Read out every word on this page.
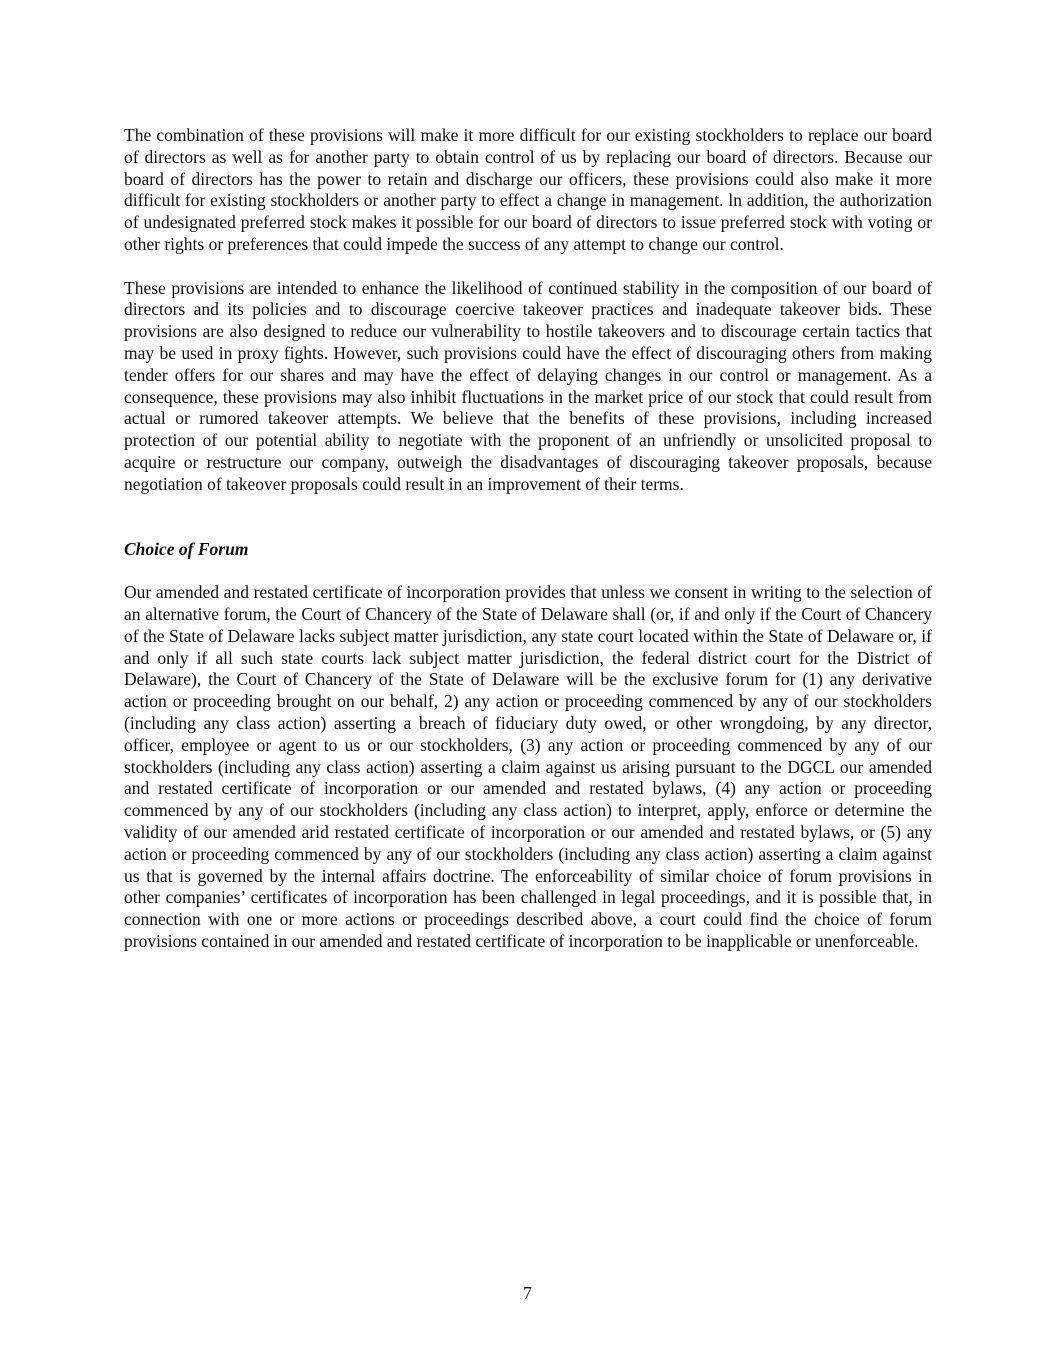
The combination of these provisions will make it more difficult for our existing stockholders to replace our board of directors as well as for another party to obtain control of us by replacing our board of directors. Because our board of directors has the power to retain and discharge our officers, these provisions could also make it more difficult for existing stockholders or another party to effect a change in management. ln addition, the authorization of undesignated preferred stock makes it possible for our board of directors to issue preferred stock with voting or other rights or preferences that could impede the success of any attempt to change our control.

These provisions are intended to enhance the likelihood of continued stability in the composition of our board of directors and its policies and to discourage coercive takeover practices and inadequate takeover bids. These provisions are also designed to reduce our vulnerability to hostile takeovers and to discourage certain tactics that may be used in proxy fights. However, such provisions could have the effect of discouraging others from making tender offers for our shares and may have the effect of delaying changes in our control or management. As a consequence, these provisions may also inhibit fluctuations in the market price of our stock that could result from actual or rumored takeover attempts. We believe that the benefits of these provisions, including increased protection of our potential ability to negotiate with the proponent of an unfriendly or unsolicited proposal to acquire or restructure our company, outweigh the disadvantages of discouraging takeover proposals, because negotiation of takeover proposals could result in an improvement of their terms.

Choice of Forum

Our amended and restated certificate of incorporation provides that unless we consent in writing to the selection of an alternative forum, the Court of Chancery of the State of Delaware shall (or, if and only if the Court of Chancery of the State of Delaware lacks subject matter jurisdiction, any state court located within the State of Delaware or, if and only if all such state courts lack subject matter jurisdiction, the federal district court for the District of Delaware), the Court of Chancery of the State of Delaware will be the exclusive forum for (1) any derivative action or proceeding brought on our behalf, 2) any action or proceeding commenced by any of our stockholders (including any class action) asserting a breach of fiduciary duty owed, or other wrongdoing, by any director, officer, employee or agent to us or our stockholders, (3) any action or proceeding commenced by any of our stockholders (including any class action) asserting a claim against us arising pursuant to the DGCL our amended and restated certificate of incorporation or our amended and restated bylaws, (4) any action or proceeding commenced by any of our stockholders (including any class action) to interpret, apply, enforce or determine the validity of our amended arid restated certificate of incorporation or our amended and restated bylaws, or (5) any action or proceeding commenced by any of our stockholders (including any class action) asserting a claim against us that is governed by the internal affairs doctrine. The enforceability of similar choice of forum provisions in other companies’ certificates of incorporation has been challenged in legal proceedings, and it is possible that, in connection with one or more actions or proceedings described above, a court could find the choice of forum provisions contained in our amended and restated certificate of incorporation to be inapplicable or unenforceable.

7
